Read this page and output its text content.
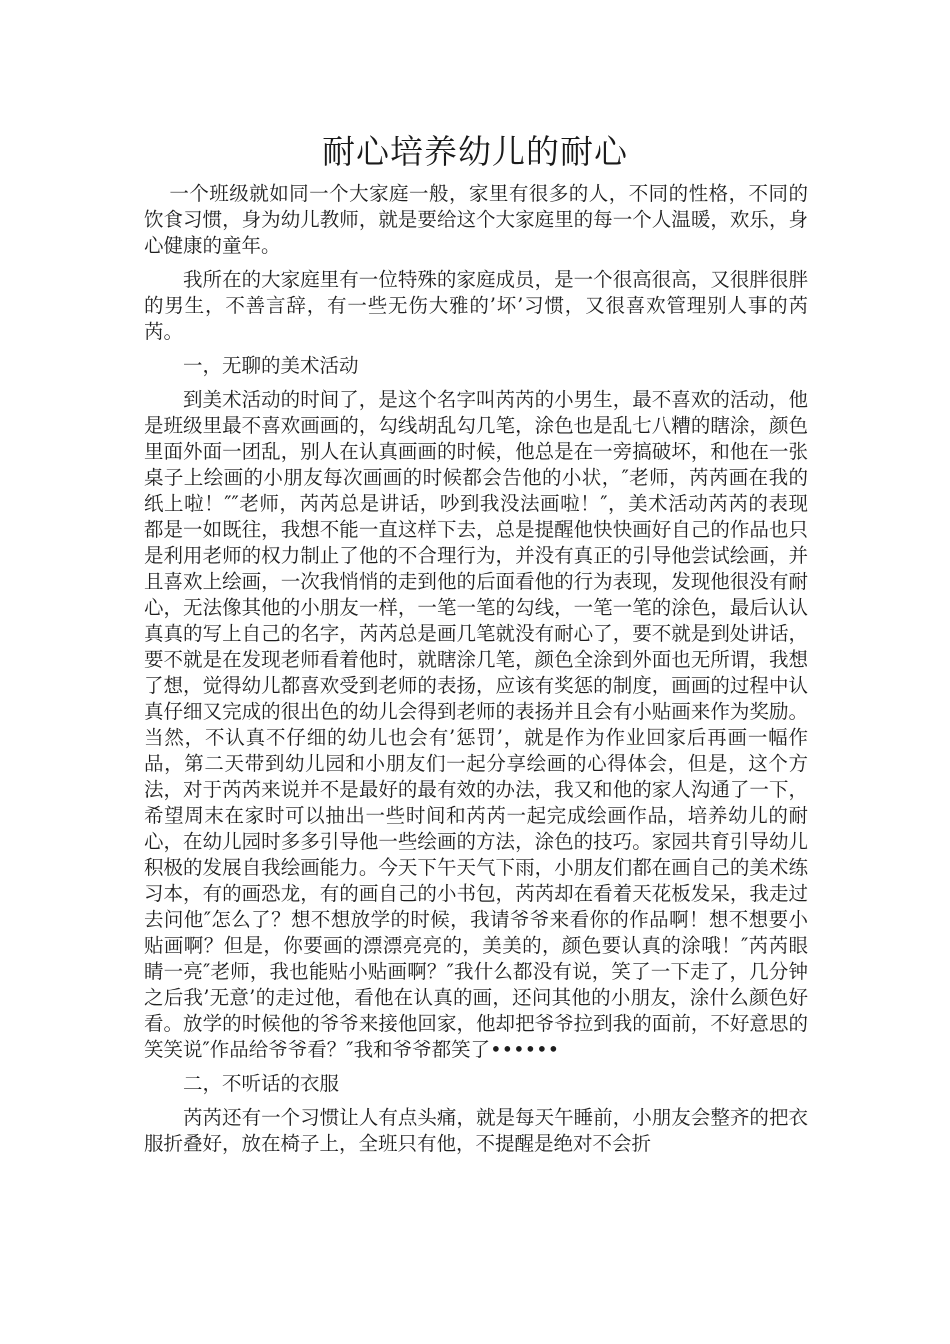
耐心培养幼儿的耐心

一个班级就如同一个大家庭一般，家里有很多的人，不同的性格，不同的饮食习惯，身为幼儿教师，就是要给这个大家庭里的每一个人温暖，欢乐，身心健康的童年。

我所在的大家庭里有一位特殊的家庭成员，是一个很高很高，又很胖很胖的男生，不善言辞，有一些无伤大雅的’坏’习惯，又很喜欢管理别人事的芮芮。

一，无聊的美术活动

到美术活动的时间了，是这个名字叫芮芮的小男生，最不喜欢的活动，他是班级里最不喜欢画画的，勾线胡乱勾几笔，涂色也是乱七八糟的瞎涂，颜色里面外面一团乱，别人在认真画画的时候，他总是在一旁搞破坏，和他在一张桌子上绘画的小朋友每次画画的时候都会告他的小状，″老师，芮芮画在我的纸上啦！″″老师，芮芮总是讲话，吵到我没法画啦！″，美术活动芮芮的表现都是一如既往，我想不能一直这样下去，总是提醒他快快画好自己的作品也只是利用老师的权力制止了他的不合理行为，并没有真正的引导他尝试绘画，并且喜欢上绘画，一次我悄悄的走到他的后面看他的行为表现，发现他很没有耐心，无法像其他的小朋友一样，一笔一笔的勾线，一笔一笔的涂色，最后认认真真的写上自己的名字，芮芮总是画几笔就没有耐心了，要不就是到处讲话，要不就是在发现老师看着他时，就瞎涂几笔，颜色全涂到外面也无所谓，我想了想，觉得幼儿都喜欢受到老师的表扬，应该有奖惩的制度，画画的过程中认真仔细又完成的很出色的幼儿会得到老师的表扬并且会有小贴画来作为奖励。当然，不认真不仔细的幼儿也会有’惩罚’，就是作为作业回家后再画一幅作品，第二天带到幼儿园和小朋友们一起分享绘画的心得体会，但是，这个方法，对于芮芮来说并不是最好的最有效的办法，我又和他的家人沟通了一下，希望周末在家时可以抽出一些时间和芮芮一起完成绘画作品，培养幼儿的耐心，在幼儿园时多多引导他一些绘画的方法，涂色的技巧。家园共育引导幼儿积极的发展自我绘画能力。今天下午天气下雨，小朋友们都在画自己的美术练习本，有的画恐龙，有的画自己的小书包，芮芮却在看着天花板发呆，我走过去问他″怎么了？想不想放学的时候，我请爷爷来看你的作品啊！想不想要小贴画啊？但是，你要画的漂漂亮亮的，美美的，颜色要认真的涂哦！″芮芮眼睛一亮″老师，我也能贴小贴画啊？″我什么都没有说，笑了一下走了，几分钟之后我’无意’的走过他，看他在认真的画，还问其他的小朋友，涂什么颜色好看。放学的时候他的爷爷来接他回家，他却把爷爷拉到我的面前，不好意思的笑笑说″作品给爷爷看？″我和爷爷都笑了••••••

二，不听话的衣服

芮芮还有一个习惯让人有点头痛，就是每天午睡前，小朋友会整齐的把衣服折叠好，放在椅子上，全班只有他，不提醒是绝对不会折
